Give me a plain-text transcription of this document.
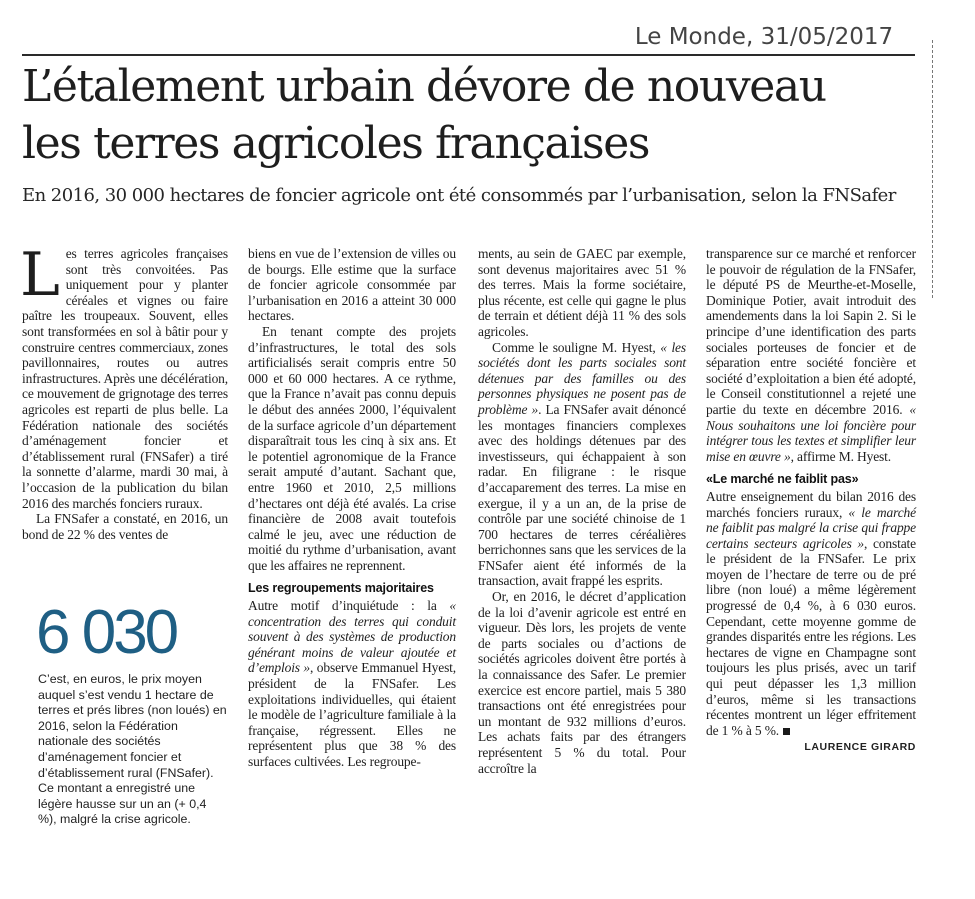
Le Monde, 31/05/2017
L’étalement urbain dévore de nouveau
les terres agricoles françaises

En 2016, 30 000 hectares de foncier agricole ont été consommés par l’urbanisation, selon la FNSafer

Les terres agricoles françaises sont très convoitées. Pas uniquement pour y planter céréales et vignes ou faire paître les troupeaux. Souvent, elles sont transformées en sol à bâtir pour y construire centres commerciaux, zones pavillonnaires, routes ou autres infrastructures. Après une décélération, ce mouvement de grignotage des terres agricoles est reparti de plus belle. La Fédération nationale des sociétés d’aménagement foncier et d’établissement rural (FNSafer) a tiré la sonnette d’alarme, mardi 30 mai, à l’occasion de la publication du bilan 2016 des marchés fonciers ruraux.

La FNSafer a constaté, en 2016, un bond de 22 % des ventes de

6 030
C’est, en euros, le prix moyen auquel s’est vendu 1 hectare de terres et prés libres (non loués) en 2016, selon la Fédération nationale des sociétés d’aménagement foncier et d’établissement rural (FNSafer). Ce montant a enregistré une légère hausse sur un an (+ 0,4 %), malgré la crise agricole.

biens en vue de l’extension de villes ou de bourgs. Elle estime que la surface de foncier agricole consommée par l’urbanisation en 2016 a atteint 30 000 hectares.

En tenant compte des projets d’infrastructures, le total des sols artificialisés serait compris entre 50 000 et 60 000 hectares. A ce rythme, que la France n’avait pas connu depuis le début des années 2000, l’équivalent de la surface agricole d’un département disparaîtrait tous les cinq à six ans. Et le potentiel agronomique de la France serait amputé d’autant. Sachant que, entre 1960 et 2010, 2,5 millions d’hectares ont déjà été avalés. La crise financière de 2008 avait toutefois calmé le jeu, avec une réduction de moitié du rythme d’urbanisation, avant que les affaires ne reprennent.

Les regroupements majoritaires

Autre motif d’inquiétude : la « concentration des terres qui conduit souvent à des systèmes de production générant moins de valeur ajoutée et d’emplois », observe Emmanuel Hyest, président de la FNSafer. Les exploitations individuelles, qui étaient le modèle de l’agriculture familiale à la française, régressent. Elles ne représentent plus que 38 % des surfaces cultivées. Les regroupe-

ments, au sein de GAEC par exemple, sont devenus majoritaires avec 51 % des terres. Mais la forme sociétaire, plus récente, est celle qui gagne le plus de terrain et détient déjà 11 % des sols agricoles.

Comme le souligne M. Hyest, « les sociétés dont les parts sociales sont détenues par des familles ou des personnes physiques ne posent pas de problème ». La FNSafer avait dénoncé les montages financiers complexes avec des holdings détenues par des investisseurs, qui échappaient à son radar. En filigrane : le risque d’accaparement des terres. La mise en exergue, il y a un an, de la prise de contrôle par une société chinoise de 1 700 hectares de terres céréalières berrichonnes sans que les services de la FNSafer aient été informés de la transaction, avait frappé les esprits.

Or, en 2016, le décret d’application de la loi d’avenir agricole est entré en vigueur. Dès lors, les projets de vente de parts sociales ou d’actions de sociétés agricoles doivent être portés à la connaissance des Safer. Le premier exercice est encore partiel, mais 5 380 transactions ont été enregistrées pour un montant de 932 millions d’euros. Les achats faits par des étrangers représentent 5 % du total. Pour accroître la

transparence sur ce marché et renforcer le pouvoir de régulation de la FNSafer, le député PS de Meurthe-et-Moselle, Dominique Potier, avait introduit des amendements dans la loi Sapin 2. Si le principe d’une identification des parts sociales porteuses de foncier et de séparation entre société foncière et société d’exploitation a bien été adopté, le Conseil constitutionnel a rejeté une partie du texte en décembre 2016. « Nous souhaitons une loi foncière pour intégrer tous les textes et simplifier leur mise en œuvre », affirme M. Hyest.

«Le marché ne faiblit pas»

Autre enseignement du bilan 2016 des marchés fonciers ruraux, « le marché ne faiblit pas malgré la crise qui frappe certains secteurs agricoles », constate le président de la FNSafer. Le prix moyen de l’hectare de terre ou de pré libre (non loué) a même légèrement progressé de 0,4 %, à 6 030 euros. Cependant, cette moyenne gomme de grandes disparités entre les régions. Les hectares de vigne en Champagne sont toujours les plus prisés, avec un tarif qui peut dépasser les 1,3 million d’euros, même si les transactions récentes montrent un léger effritement de 1 % à 5 %.

LAURENCE GIRARD
